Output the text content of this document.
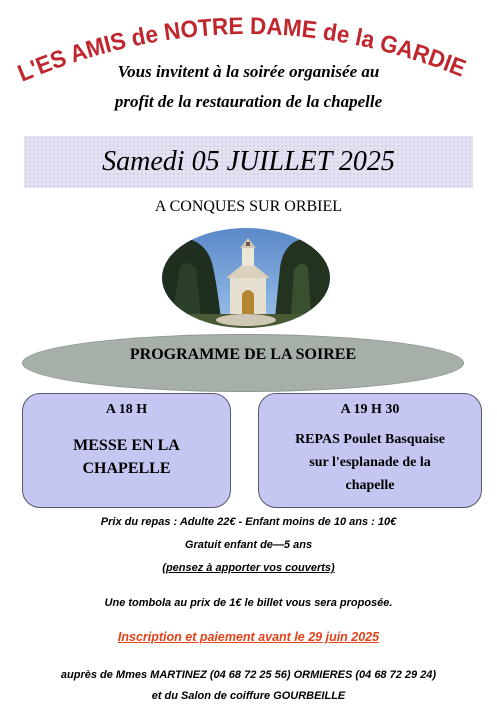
L'ES AMIS de NOTRE DAME de la GARDIE
Vous invitent à la soirée organisée au
profit de la restauration de la chapelle
Samedi 05 JUILLET 2025
A CONQUES SUR ORBIEL
PROGRAMME DE LA SOIREE
A 18 H
MESSE EN LA
CHAPELLE
A 19 H 30
REPAS Poulet Basquaise
sur l'esplanade de la
chapelle
Prix du repas : Adulte 22€ - Enfant moins de 10 ans : 10€
Gratuit enfant de—5 ans
(pensez à apporter vos couverts)
Une tombola au prix de 1€ le billet vous sera proposée.
Inscription et paiement avant le 29 juin 2025
auprès de Mmes MARTINEZ (04 68 72 25 56) ORMIERES (04 68 72 29 24)
et du Salon de coiffure GOURBEILLE
